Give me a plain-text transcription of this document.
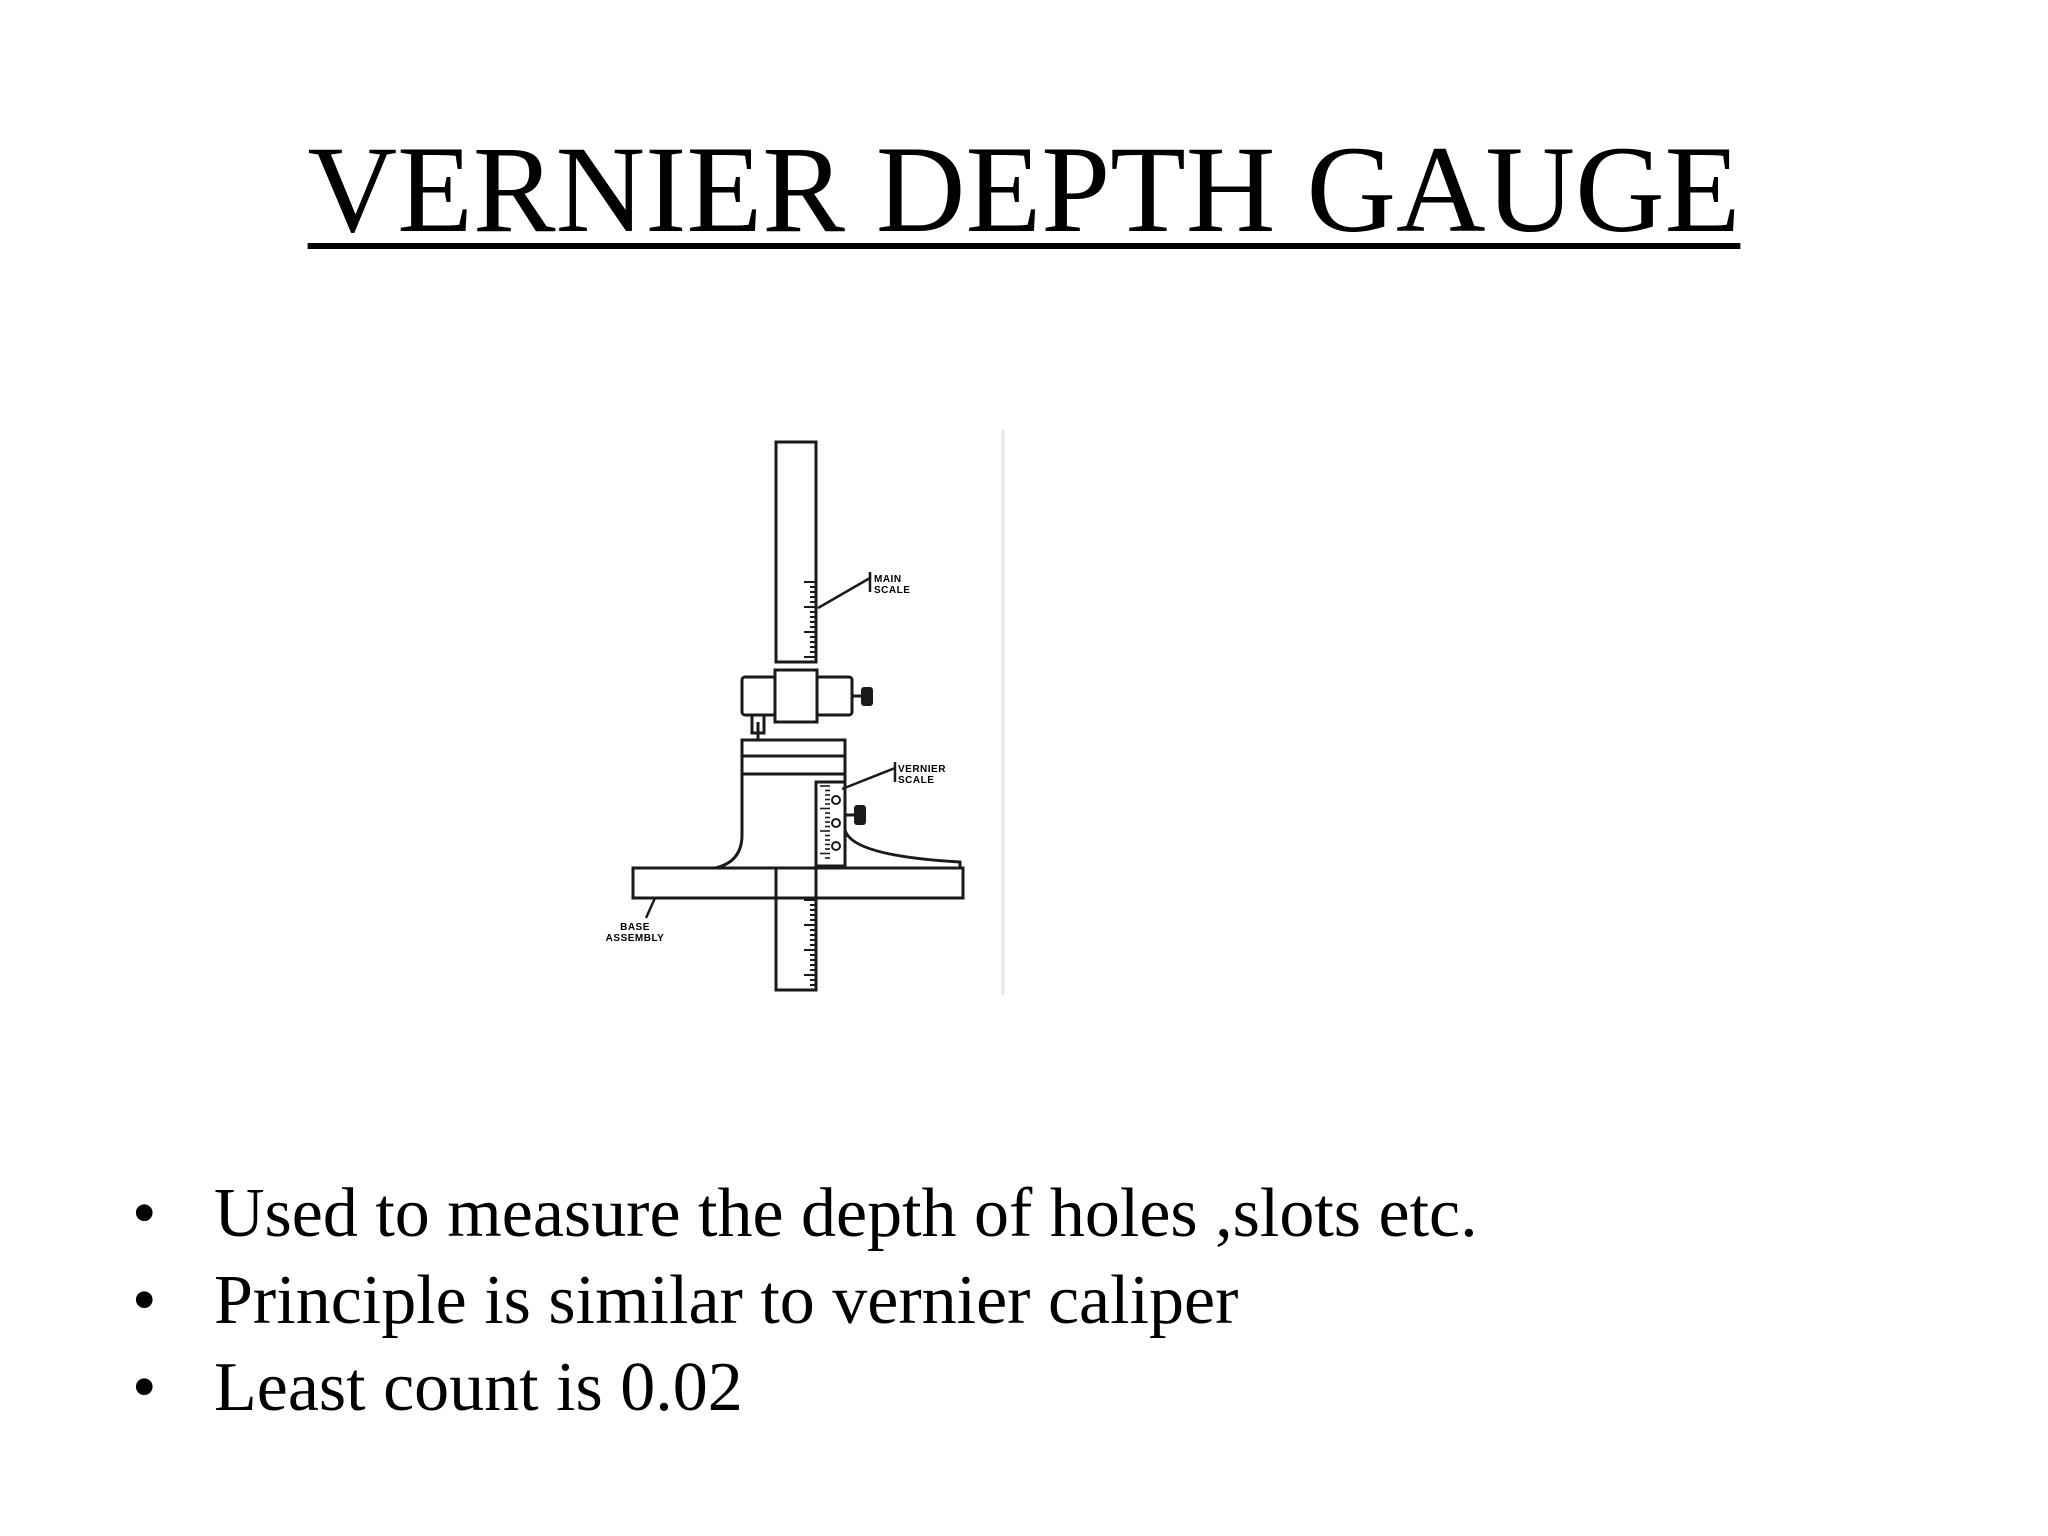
VERNIER DEPTH GAUGE
MAIN
SCALE
VERNIER
SCALE
BASE
ASSEMBLY
• Used to measure the depth of holes ,slots etc.
• Principle is similar to vernier caliper
• Least count is 0.02
